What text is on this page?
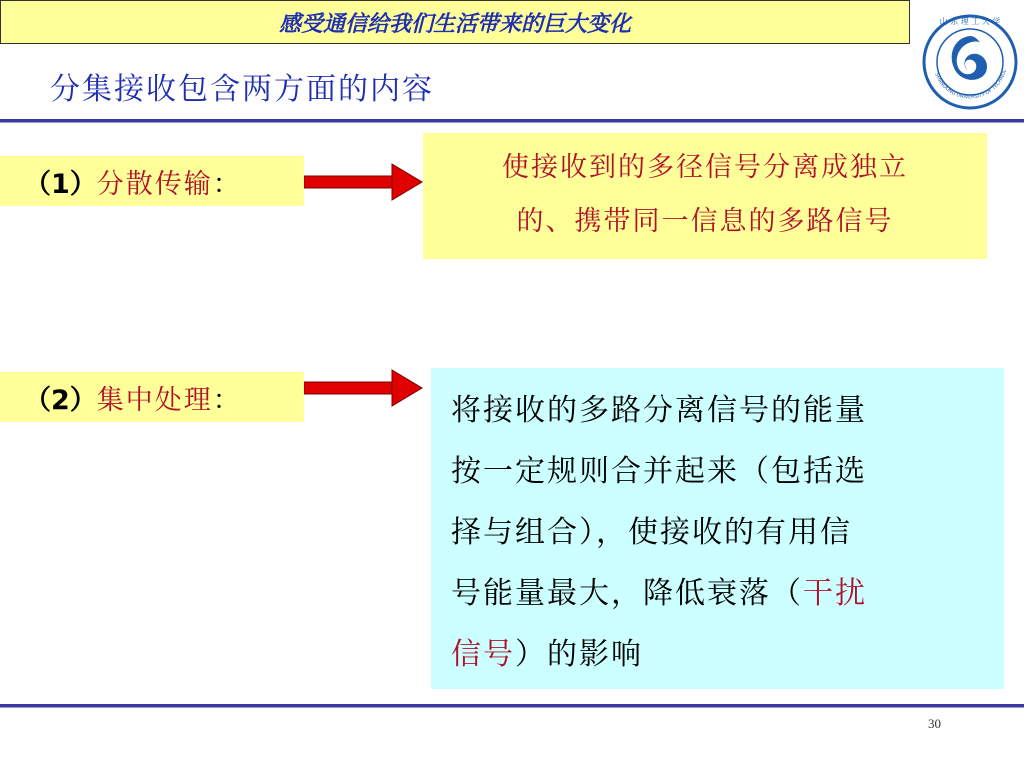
感受通信给我们生活带来的巨大变化
分集接收包含两方面的内容
山 东 理 工 大 学
SHANDONG UNIVERSITY OF TECHNOL
（1） 分散传输 ：
使接收到的多径信号分离成独立
的、携带同一信息的多路信号
（2） 集中处理 ：	将接收的多路分离信号的能量
按一定规则合并起来（包括选
择与组合），使接收的有用信
号能量最大，降低衰落（干扰
信号）的影响
30
